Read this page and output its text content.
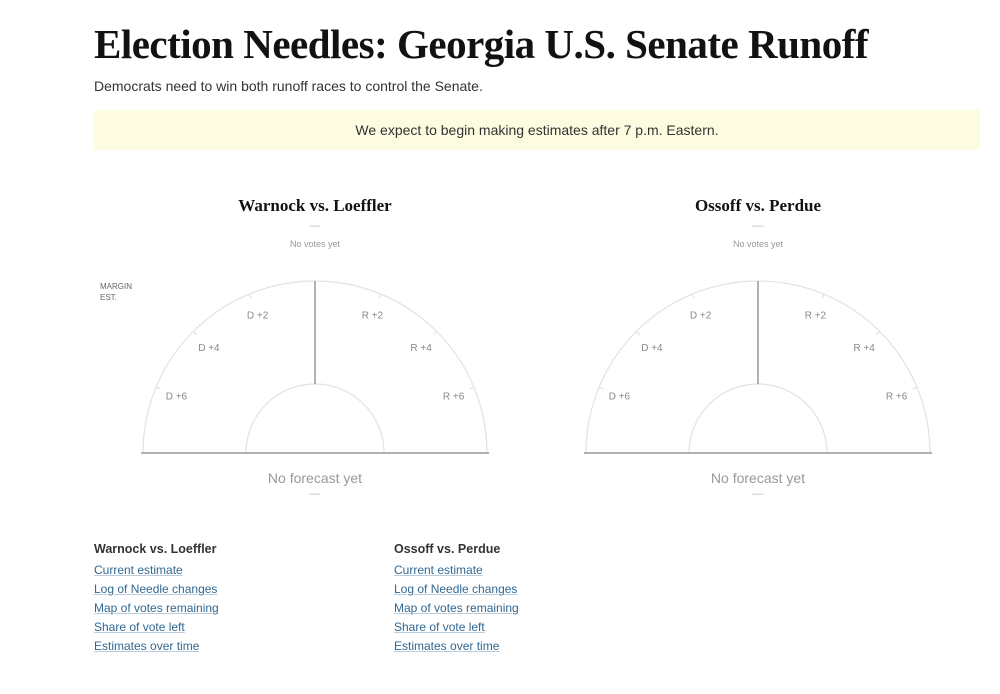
Election Needles: Georgia U.S. Senate Runoff
Democrats need to win both runoff races to control the Senate.
We expect to begin making estimates after 7 p.m. Eastern.
MARGIN
EST.
Warnock vs. Loeffler
—
No votes yet
D +6
D +4
D +2	R +2
R +4
R +6
No forecast yet
—
Ossoff vs. Perdue
—
No votes yet
D +6
D +4
D +2	R +2
R +4
R +6
No forecast yet
—
Warnock vs. Loeffler
Current estimate
Log of Needle changes
Map of votes remaining
Share of vote left
Estimates over time
Ossoff vs. Perdue
Current estimate
Log of Needle changes
Map of votes remaining
Share of vote left
Estimates over time
